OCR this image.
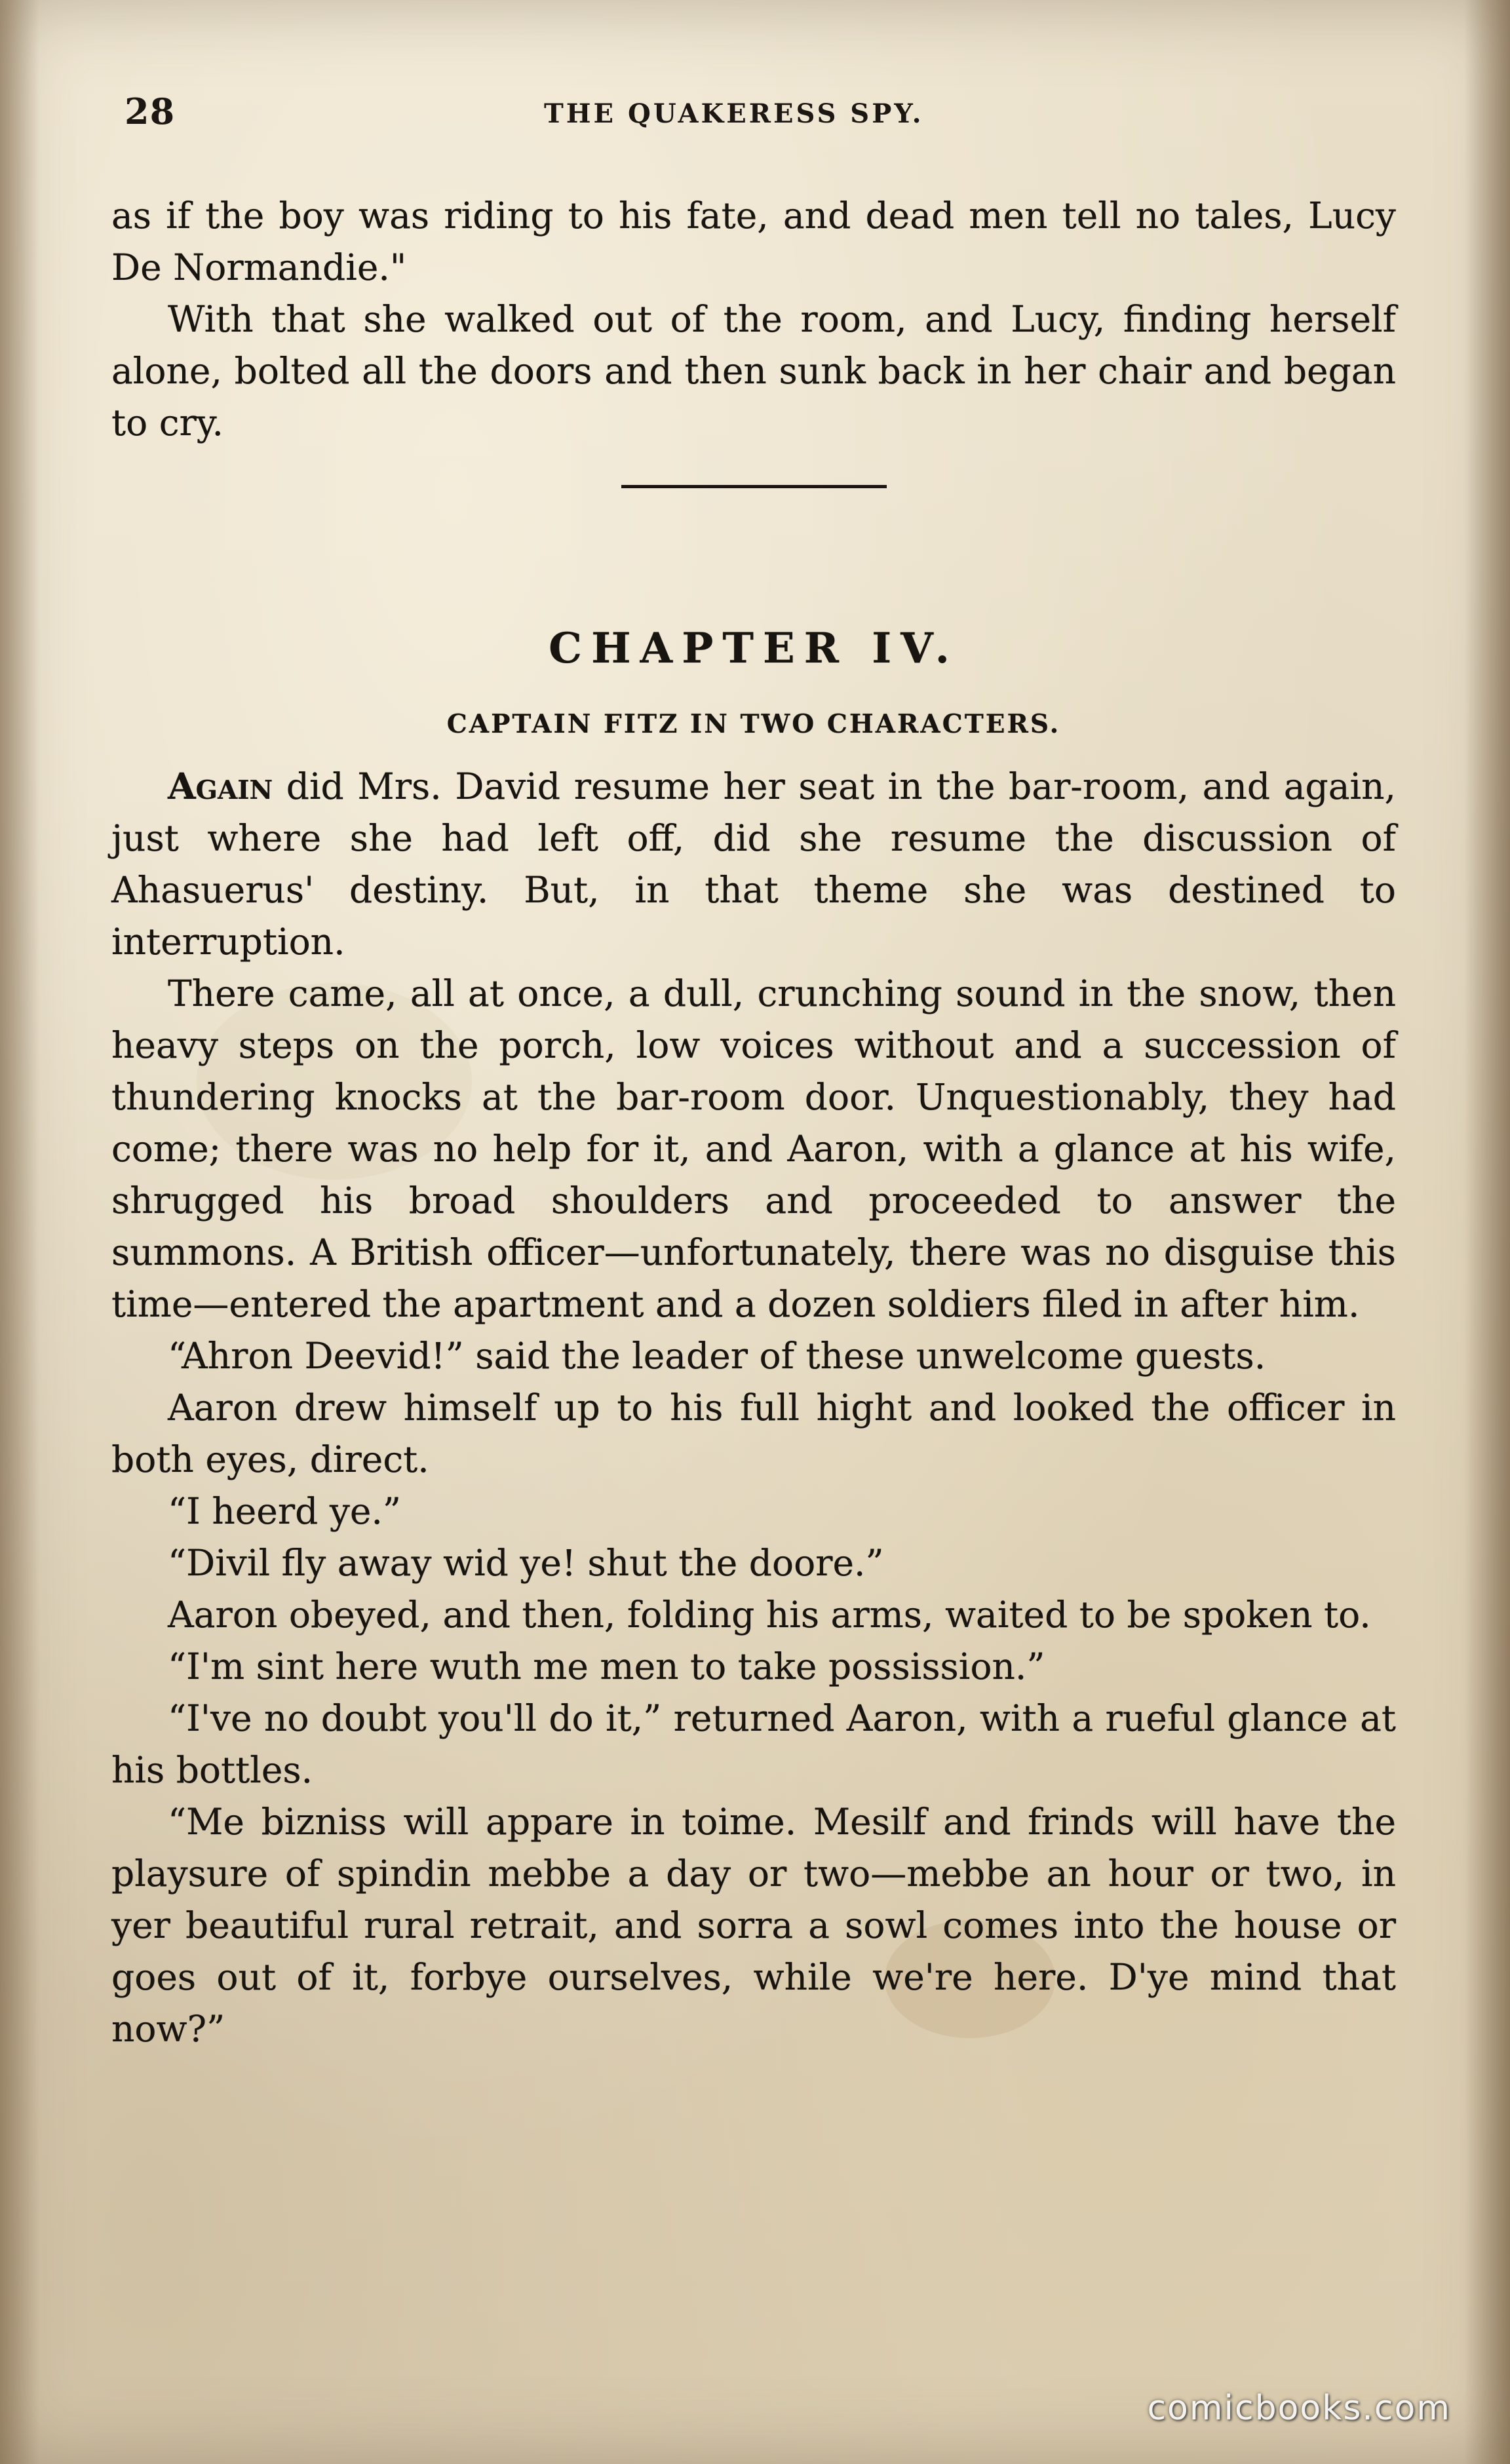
28	THE QUAKERESS SPY.

as if the boy was riding to his fate, and dead men tell no tales, Lucy De Normandie."

With that she walked out of the room, and Lucy, finding herself alone, bolted all the doors and then sunk back in her chair and began to cry.

CHAPTER IV.
CAPTAIN FITZ IN TWO CHARACTERS.

Again did Mrs. David resume her seat in the bar-room, and again, just where she had left off, did she resume the discussion of Ahasuerus' destiny. But, in that theme she was destined to interruption.

There came, all at once, a dull, crunching sound in the snow, then heavy steps on the porch, low voices without and a succession of thundering knocks at the bar-room door. Unquestionably, they had come; there was no help for it, and Aaron, with a glance at his wife, shrugged his broad shoulders and proceeded to answer the summons. A British officer—unfortunately, there was no disguise this time—entered the apartment and a dozen soldiers filed in after him.

“Ahron Deevid!” said the leader of these unwelcome guests.

Aaron drew himself up to his full hight and looked the officer in both eyes, direct.

“I heerd ye.”

“Divil fly away wid ye! shut the doore.”

Aaron obeyed, and then, folding his arms, waited to be spoken to.

“I'm sint here wuth me men to take possission.”

“I've no doubt you'll do it,” returned Aaron, with a rueful glance at his bottles.

“Me bizniss will appare in toime. Mesilf and frinds will have the playsure of spindin mebbe a day or two—mebbe an hour or two, in yer beautiful rural retrait, and sorra a sowl comes into the house or goes out of it, forbye ourselves, while we're here. D'ye mind that now?”

comicbooks.com
